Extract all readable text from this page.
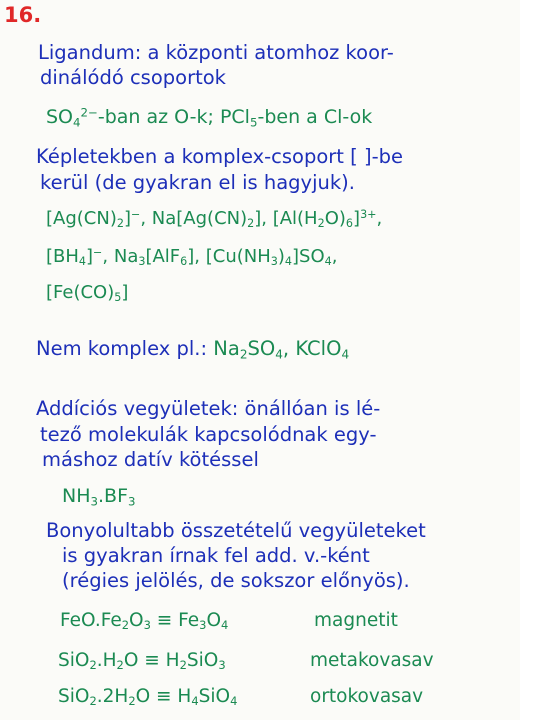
16.
Ligandum: a központi atomhoz koor-
dinálódó csoportok
$SO_4^{2-}$-ban az O-k; PCl$_5$-ben a Cl-ok
Képletekben a komplex-csoport [ ]-be
kerül (de gyakran el is hagyjuk).
$[Ag(CN)_2]^-$, $Na[Ag(CN)_2]$, $[Al(H_2O)_6]^{3+}$,
$[BH_4]^-$, $Na_3[AlF_6]$, $[Cu(NH_3)_4]SO_4$,
$[Fe(CO)_5]$
Nem komplex pl.: $Na_2SO_4$, KClO$_4$
Addíciós vegyületek: önállóan is lé-
tező molekulák kapcsolódnak egy-
máshoz datív kötéssel
$NH_3.BF_3$
Bonyolultabb összetételű vegyületeket
is gyakran írnak fel add. v.-ként
(régies jelölés, de sokszor előnyös).
$FeO.Fe_2O_3 \equiv Fe_3O_4$	magnetit
$SiO_2.H_2O \equiv H_2SiO_3$	metakovasav
$SiO_2.2H_2O \equiv H_4SiO_4$	ortokovasav
